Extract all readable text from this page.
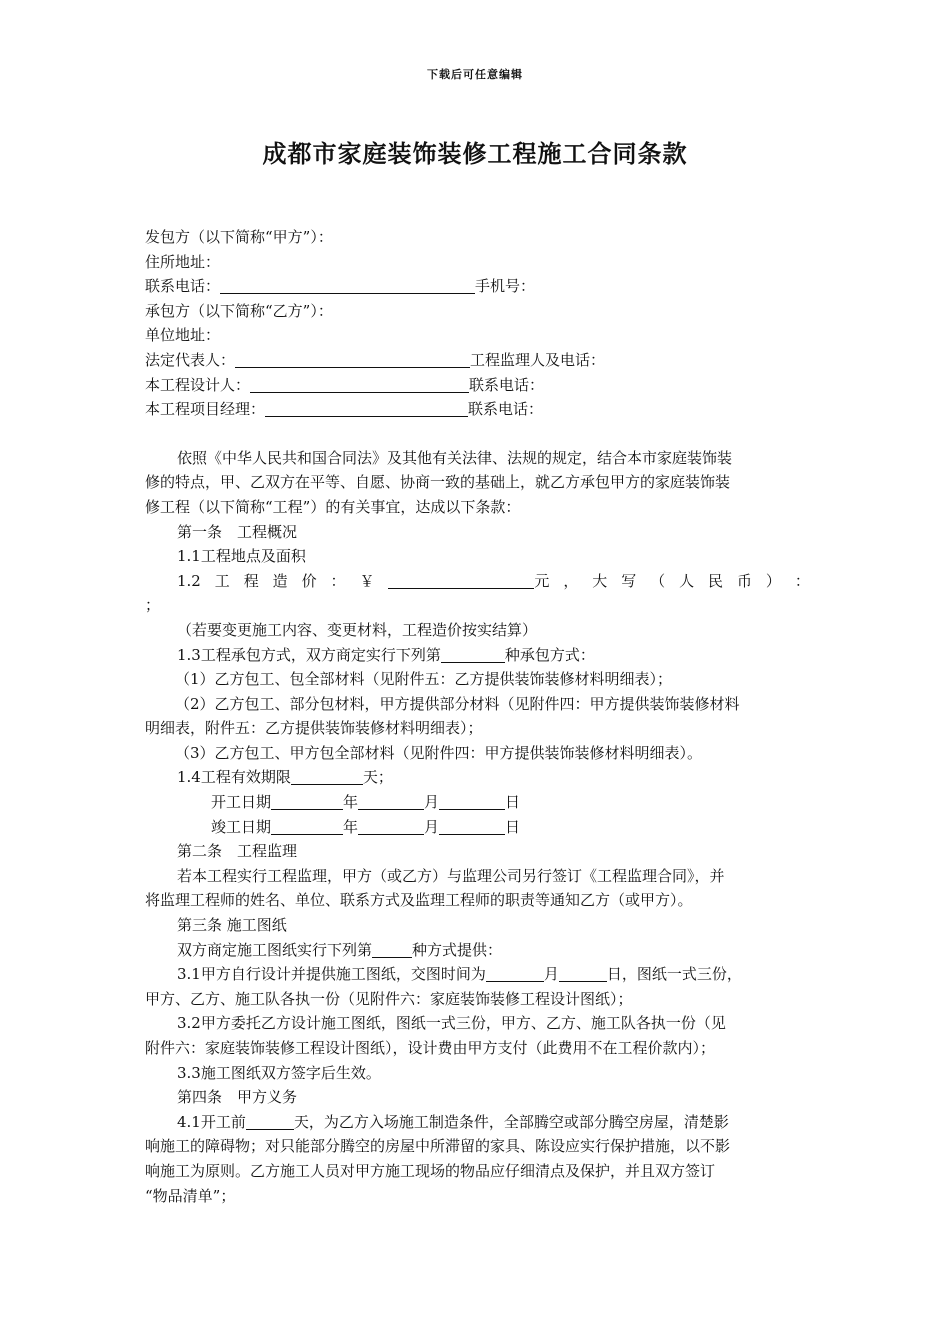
下载后可任意编辑
成都市家庭装饰装修工程施工合同条款
发包方（以下简称“甲方”）：
住所地址：
联系电话：	手机号：
承包方（以下简称“乙方”）：
单位地址：
法定代表人：	工程监理人及电话：
本工程设计人：	联系电话：
本工程项目经理：	联系电话：
依照《中华人民共和国合同法》及其他有关法律、法规的规定，结合本市家庭装饰装
修的特点，甲、乙双方在平等、自愿、协商一致的基础上，就乙方承包甲方的家庭装饰装
修工程（以下简称“工程”）的有关事宜，达成以下条款：
第一条　工程概况
1.1工程地点及面积
1.2 工 程 造 价 ： ￥	元 ， 大 写 （ 人 民 币 ） ：
；
（若要变更施工内容、变更材料，工程造价按实结算）
1.3工程承包方式，双方商定实行下列第	种承包方式：
（1）乙方包工、包全部材料（见附件五：乙方提供装饰装修材料明细表）；
（2）乙方包工、部分包材料，甲方提供部分材料（见附件四：甲方提供装饰装修材料
明细表，附件五：乙方提供装饰装修材料明细表）；
（3）乙方包工、甲方包全部材料（见附件四：甲方提供装饰装修材料明细表）。
1.4工程有效期限	天；
开工日期	年	月	日
竣工日期	年	月	日
第二条　工程监理
若本工程实行工程监理，甲方（或乙方）与监理公司另行签订《工程监理合同》，并
将监理工程师的姓名、单位、联系方式及监理工程师的职责等通知乙方（或甲方）。
第三条 施工图纸
双方商定施工图纸实行下列第	种方式提供：
3.1甲方自行设计并提供施工图纸，交图时间为	月	日，图纸一式三份，
甲方、乙方、施工队各执一份（见附件六：家庭装饰装修工程设计图纸）；
3.2甲方委托乙方设计施工图纸，图纸一式三份，甲方、乙方、施工队各执一份（见
附件六：家庭装饰装修工程设计图纸），设计费由甲方支付（此费用不在工程价款内）；
3.3施工图纸双方签字后生效。
第四条　甲方义务
4.1开工前	天，为乙方入场施工制造条件，全部腾空或部分腾空房屋，清楚影
响施工的障碍物；对只能部分腾空的房屋中所滞留的家具、陈设应实行保护措施，以不影
响施工为原则。乙方施工人员对甲方施工现场的物品应仔细清点及保护，并且双方签订
“物品清单”；
